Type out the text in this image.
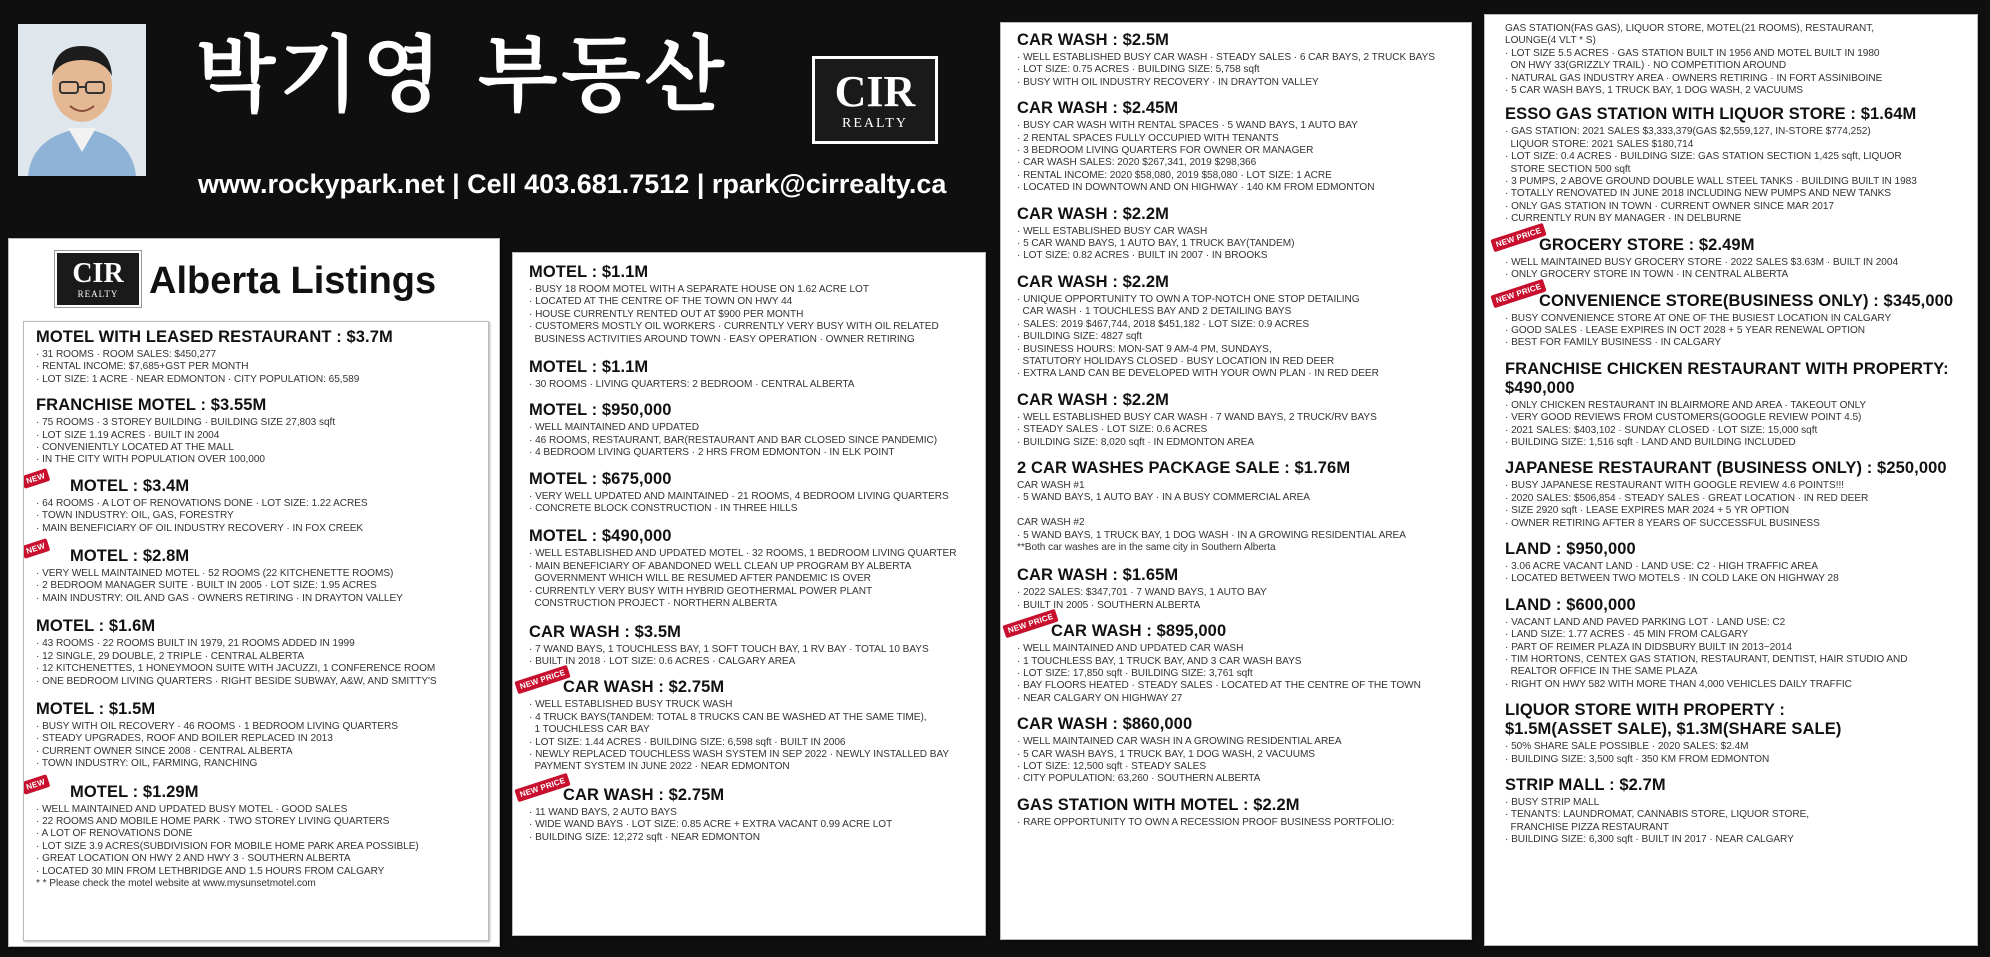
박기영 부동산 CIR
REALTY
www.rockypark.net | Cell 403.681.7512 | rpark@cirrealty.ca
CIR
REALTY Alberta Listings
MOTEL WITH LEASED RESTAURANT : $3.7M
· 31 ROOMS · ROOM SALES: $450,277
· RENTAL INCOME: $7,685+GST PER MONTH
· LOT SIZE: 1 ACRE · NEAR EDMONTON · CITY POPULATION: 65,589
FRANCHISE MOTEL : $3.55M
· 75 ROOMS · 3 STOREY BUILDING · BUILDING SIZE 27,803 sqft
· LOT SIZE 1.19 ACRES · BUILT IN 2004
· CONVENIENTLY LOCATED AT THE MALL
· IN THE CITY WITH POPULATION OVER 100,000
NEW	MOTEL : $3.4M
· 64 ROOMS · A LOT OF RENOVATIONS DONE · LOT SIZE: 1.22 ACRES
· TOWN INDUSTRY: OIL, GAS, FORESTRY
· MAIN BENEFICIARY OF OIL INDUSTRY RECOVERY · IN FOX CREEK
NEW	MOTEL : $2.8M
· VERY WELL MAINTAINED MOTEL · 52 ROOMS (22 KITCHENETTE ROOMS)
· 2 BEDROOM MANAGER SUITE · BUILT IN 2005 · LOT SIZE: 1.95 ACRES
· MAIN INDUSTRY: OIL AND GAS · OWNERS RETIRING · IN DRAYTON VALLEY
MOTEL : $1.6M
· 43 ROOMS · 22 ROOMS BUILT IN 1979, 21 ROOMS ADDED IN 1999
· 12 SINGLE, 29 DOUBLE, 2 TRIPLE · CENTRAL ALBERTA
· 12 KITCHENETTES, 1 HONEYMOON SUITE WITH JACUZZI, 1 CONFERENCE ROOM
· ONE BEDROOM LIVING QUARTERS · RIGHT BESIDE SUBWAY, A&W, AND SMITTY'S
MOTEL : $1.5M
· BUSY WITH OIL RECOVERY · 46 ROOMS · 1 BEDROOM LIVING QUARTERS
· STEADY UPGRADES, ROOF AND BOILER REPLACED IN 2013
· CURRENT OWNER SINCE 2008 · CENTRAL ALBERTA
· TOWN INDUSTRY: OIL, FARMING, RANCHING
NEW	MOTEL : $1.29M
· WELL MAINTAINED AND UPDATED BUSY MOTEL · GOOD SALES
· 22 ROOMS AND MOBILE HOME PARK · TWO STOREY LIVING QUARTERS
· A LOT OF RENOVATIONS DONE
· LOT SIZE 3.9 ACRES(SUBDIVISION FOR MOBILE HOME PARK AREA POSSIBLE)
· GREAT LOCATION ON HWY 2 AND HWY 3 · SOUTHERN ALBERTA
· LOCATED 30 MIN FROM LETHBRIDGE AND 1.5 HOURS FROM CALGARY
* * Please check the motel website at www.mysunsetmotel.com
MOTEL : $1.1M
· BUSY 18 ROOM MOTEL WITH A SEPARATE HOUSE ON 1.62 ACRE LOT
· LOCATED AT THE CENTRE OF THE TOWN ON HWY 44
· HOUSE CURRENTLY RENTED OUT AT $900 PER MONTH
· CUSTOMERS MOSTLY OIL WORKERS · CURRENTLY VERY BUSY WITH OIL RELATED
BUSINESS ACTIVITIES AROUND TOWN · EASY OPERATION · OWNER RETIRING
MOTEL : $1.1M
· 30 ROOMS · LIVING QUARTERS: 2 BEDROOM · CENTRAL ALBERTA
MOTEL : $950,000
· WELL MAINTAINED AND UPDATED
· 46 ROOMS, RESTAURANT, BAR(RESTAURANT AND BAR CLOSED SINCE PANDEMIC)
· 4 BEDROOM LIVING QUARTERS · 2 HRS FROM EDMONTON · IN ELK POINT
MOTEL : $675,000
· VERY WELL UPDATED AND MAINTAINED · 21 ROOMS, 4 BEDROOM LIVING QUARTERS
· CONCRETE BLOCK CONSTRUCTION · IN THREE HILLS
MOTEL : $490,000
· WELL ESTABLISHED AND UPDATED MOTEL · 32 ROOMS, 1 BEDROOM LIVING QUARTER
· MAIN BENEFICIARY OF ABANDONED WELL CLEAN UP PROGRAM BY ALBERTA
GOVERNMENT WHICH WILL BE RESUMED AFTER PANDEMIC IS OVER
· CURRENTLY VERY BUSY WITH HYBRID GEOTHERMAL POWER PLANT
CONSTRUCTION PROJECT · NORTHERN ALBERTA
CAR WASH : $3.5M
· 7 WAND BAYS, 1 TOUCHLESS BAY, 1 SOFT TOUCH BAY, 1 RV BAY · TOTAL 10 BAYS
· BUILT IN 2018 · LOT SIZE: 0.6 ACRES · CALGARY AREA
NEW PRICE
CAR WASH : $2.75M
· WELL ESTABLISHED BUSY TRUCK WASH
· 4 TRUCK BAYS(TANDEM: TOTAL 8 TRUCKS CAN BE WASHED AT THE SAME TIME),
1 TOUCHLESS CAR BAY
· LOT SIZE: 1.44 ACRES · BUILDING SIZE: 6,598 sqft · BUILT IN 2006
· NEWLY REPLACED TOUCHLESS WASH SYSTEM IN SEP 2022 · NEWLY INSTALLED BAY
PAYMENT SYSTEM IN JUNE 2022 · NEAR EDMONTON
NEW PRICE
CAR WASH : $2.75M
· 11 WAND BAYS, 2 AUTO BAYS
· WIDE WAND BAYS · LOT SIZE: 0.85 ACRE + EXTRA VACANT 0.99 ACRE LOT
· BUILDING SIZE: 12,272 sqft · NEAR EDMONTON
CAR WASH : $2.5M
· WELL ESTABLISHED BUSY CAR WASH · STEADY SALES · 6 CAR BAYS, 2 TRUCK BAYS
· LOT SIZE: 0.75 ACRES · BUILDING SIZE: 5,758 sqft
· BUSY WITH OIL INDUSTRY RECOVERY · IN DRAYTON VALLEY
CAR WASH : $2.45M
· BUSY CAR WASH WITH RENTAL SPACES · 5 WAND BAYS, 1 AUTO BAY
· 2 RENTAL SPACES FULLY OCCUPIED WITH TENANTS
· 3 BEDROOM LIVING QUARTERS FOR OWNER OR MANAGER
· CAR WASH SALES: 2020 $267,341, 2019 $298,366
· RENTAL INCOME: 2020 $58,080, 2019 $58,080 · LOT SIZE: 1 ACRE
· LOCATED IN DOWNTOWN AND ON HIGHWAY · 140 KM FROM EDMONTON
CAR WASH : $2.2M
· WELL ESTABLISHED BUSY CAR WASH
· 5 CAR WAND BAYS, 1 AUTO BAY, 1 TRUCK BAY(TANDEM)
· LOT SIZE: 0.82 ACRES · BUILT IN 2007 · IN BROOKS
CAR WASH : $2.2M
· UNIQUE OPPORTUNITY TO OWN A TOP-NOTCH ONE STOP DETAILING
CAR WASH · 1 TOUCHLESS BAY AND 2 DETAILING BAYS
· SALES: 2019 $467,744, 2018 $451,182 · LOT SIZE: 0.9 ACRES
· BUILDING SIZE: 4827 sqft
· BUSINESS HOURS: MON-SAT 9 AM-4 PM, SUNDAYS,
STATUTORY HOLIDAYS CLOSED · BUSY LOCATION IN RED DEER
· EXTRA LAND CAN BE DEVELOPED WITH YOUR OWN PLAN · IN RED DEER
CAR WASH : $2.2M
· WELL ESTABLISHED BUSY CAR WASH · 7 WAND BAYS, 2 TRUCK/RV BAYS
· STEADY SALES · LOT SIZE: 0.6 ACRES
· BUILDING SIZE: 8,020 sqft · IN EDMONTON AREA
2 CAR WASHES PACKAGE SALE : $1.76M
CAR WASH #1
· 5 WAND BAYS, 1 AUTO BAY · IN A BUSY COMMERCIAL AREA

CAR WASH #2
· 5 WAND BAYS, 1 TRUCK BAY, 1 DOG WASH · IN A GROWING RESIDENTIAL AREA
**Both car washes are in the same city in Southern Alberta
CAR WASH : $1.65M
· 2022 SALES: $347,701 · 7 WAND BAYS, 1 AUTO BAY
· BUILT IN 2005 · SOUTHERN ALBERTA
NEW PRICE
CAR WASH : $895,000
· WELL MAINTAINED AND UPDATED CAR WASH
· 1 TOUCHLESS BAY, 1 TRUCK BAY, AND 3 CAR WASH BAYS
· LOT SIZE: 17,850 sqft · BUILDING SIZE: 3,761 sqft
· BAY FLOORS HEATED · STEADY SALES · LOCATED AT THE CENTRE OF THE TOWN
· NEAR CALGARY ON HIGHWAY 27
CAR WASH : $860,000
· WELL MAINTAINED CAR WASH IN A GROWING RESIDENTIAL AREA
· 5 CAR WASH BAYS, 1 TRUCK BAY, 1 DOG WASH, 2 VACUUMS
· LOT SIZE: 12,500 sqft · STEADY SALES
· CITY POPULATION: 63,260 · SOUTHERN ALBERTA
GAS STATION WITH MOTEL : $2.2M
· RARE OPPORTUNITY TO OWN A RECESSION PROOF BUSINESS PORTFOLIO:
GAS STATION(FAS GAS), LIQUOR STORE, MOTEL(21 ROOMS), RESTAURANT,
LOUNGE(4 VLT * S)
· LOT SIZE 5.5 ACRES · GAS STATION BUILT IN 1956 AND MOTEL BUILT IN 1980
ON HWY 33(GRIZZLY TRAIL) · NO COMPETITION AROUND
· NATURAL GAS INDUSTRY AREA · OWNERS RETIRING · IN FORT ASSINIBOINE
· 5 CAR WASH BAYS, 1 TRUCK BAY, 1 DOG WASH, 2 VACUUMS
ESSO GAS STATION WITH LIQUOR STORE : $1.64M
· GAS STATION: 2021 SALES $3,333,379(GAS $2,559,127, IN-STORE $774,252)
LIQUOR STORE: 2021 SALES $180,714
· LOT SIZE: 0.4 ACRES · BUILDING SIZE: GAS STATION SECTION 1,425 sqft, LIQUOR
STORE SECTION 500 sqft
· 3 PUMPS, 2 ABOVE GROUND DOUBLE WALL STEEL TANKS · BUILDING BUILT IN 1983
· TOTALLY RENOVATED IN JUNE 2018 INCLUDING NEW PUMPS AND NEW TANKS
· ONLY GAS STATION IN TOWN · CURRENT OWNER SINCE MAR 2017
· CURRENTLY RUN BY MANAGER · IN DELBURNE
NEW PRICE
GROCERY STORE : $2.49M
· WELL MAINTAINED BUSY GROCERY STORE · 2022 SALES $3.63M · BUILT IN 2004
· ONLY GROCERY STORE IN TOWN · IN CENTRAL ALBERTA
NEW PRICE
CONVENIENCE STORE(BUSINESS ONLY) : $345,000
· BUSY CONVENIENCE STORE AT ONE OF THE BUSIEST LOCATION IN CALGARY
· GOOD SALES · LEASE EXPIRES IN OCT 2028 + 5 YEAR RENEWAL OPTION
· BEST FOR FAMILY BUSINESS · IN CALGARY
FRANCHISE CHICKEN RESTAURANT WITH PROPERTY:
$490,000
· ONLY CHICKEN RESTAURANT IN BLAIRMORE AND AREA · TAKEOUT ONLY
· VERY GOOD REVIEWS FROM CUSTOMERS(GOOGLE REVIEW POINT 4.5)
· 2021 SALES: $403,102 · SUNDAY CLOSED · LOT SIZE: 15,000 sqft
· BUILDING SIZE: 1,516 sqft · LAND AND BUILDING INCLUDED
JAPANESE RESTAURANT (BUSINESS ONLY) : $250,000
· BUSY JAPANESE RESTAURANT WITH GOOGLE REVIEW 4.6 POINTS!!!
· 2020 SALES: $506,854 · STEADY SALES · GREAT LOCATION · IN RED DEER
· SIZE 2920 sqft · LEASE EXPIRES MAR 2024 + 5 YR OPTION
· OWNER RETIRING AFTER 8 YEARS OF SUCCESSFUL BUSINESS
LAND : $950,000
· 3.06 ACRE VACANT LAND · LAND USE: C2 · HIGH TRAFFIC AREA
· LOCATED BETWEEN TWO MOTELS · IN COLD LAKE ON HIGHWAY 28
LAND : $600,000
· VACANT LAND AND PAVED PARKING LOT · LAND USE: C2
· LAND SIZE: 1.77 ACRES · 45 MIN FROM CALGARY
· PART OF REIMER PLAZA IN DIDSBURY BUILT IN 2013~2014
· TIM HORTONS, CENTEX GAS STATION, RESTAURANT, DENTIST, HAIR STUDIO AND
REALTOR OFFICE IN THE SAME PLAZA
· RIGHT ON HWY 582 WITH MORE THAN 4,000 VEHICLES DAILY TRAFFIC
LIQUOR STORE WITH PROPERTY :
$1.5M(ASSET SALE), $1.3M(SHARE SALE)
· 50% SHARE SALE POSSIBLE · 2020 SALES: $2.4M
· BUILDING SIZE: 3,500 sqft · 350 KM FROM EDMONTON
STRIP MALL : $2.7M
· BUSY STRIP MALL
· TENANTS: LAUNDROMAT, CANNABIS STORE, LIQUOR STORE,
FRANCHISE PIZZA RESTAURANT
· BUILDING SIZE: 6,300 sqft · BUILT IN 2017 · NEAR CALGARY
